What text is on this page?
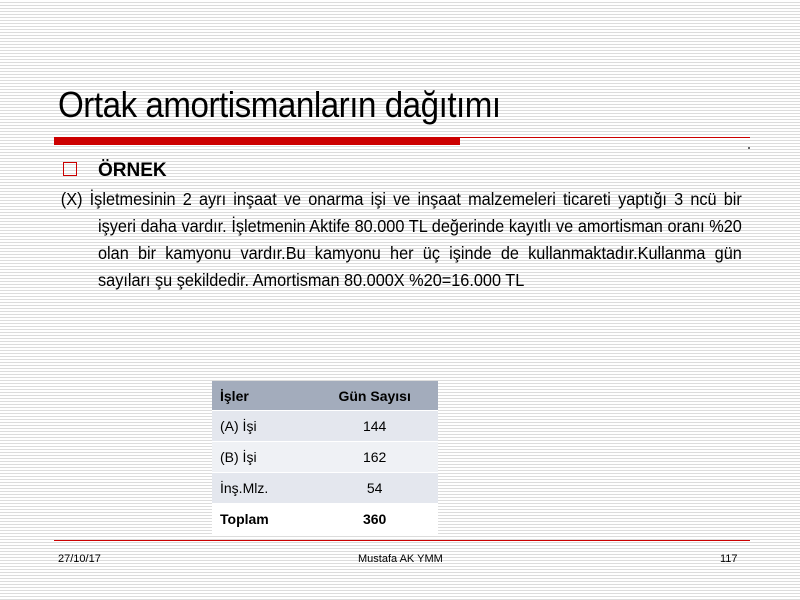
Ortak amortismanların dağıtımı
ÖRNEK
(X) İşletmesinin 2 ayrı inşaat ve onarma işi ve inşaat malzemeleri ticareti yaptığı 3 ncü bir işyeri daha vardır. İşletmenin Aktife 80.000 TL değerinde kayıtlı ve amortisman oranı %20 olan bir kamyonu vardır.Bu kamyonu her üç işinde de kullanmaktadır.Kullanma gün sayıları şu şekildedir. Amortisman 80.000X %20=16.000 TL
İşler	Gün Sayısı
(A) İşi	144
(B) İşi	162
İnş.Mlz.	54
Toplam	360
27/10/17	Mustafa AK YMM	117
